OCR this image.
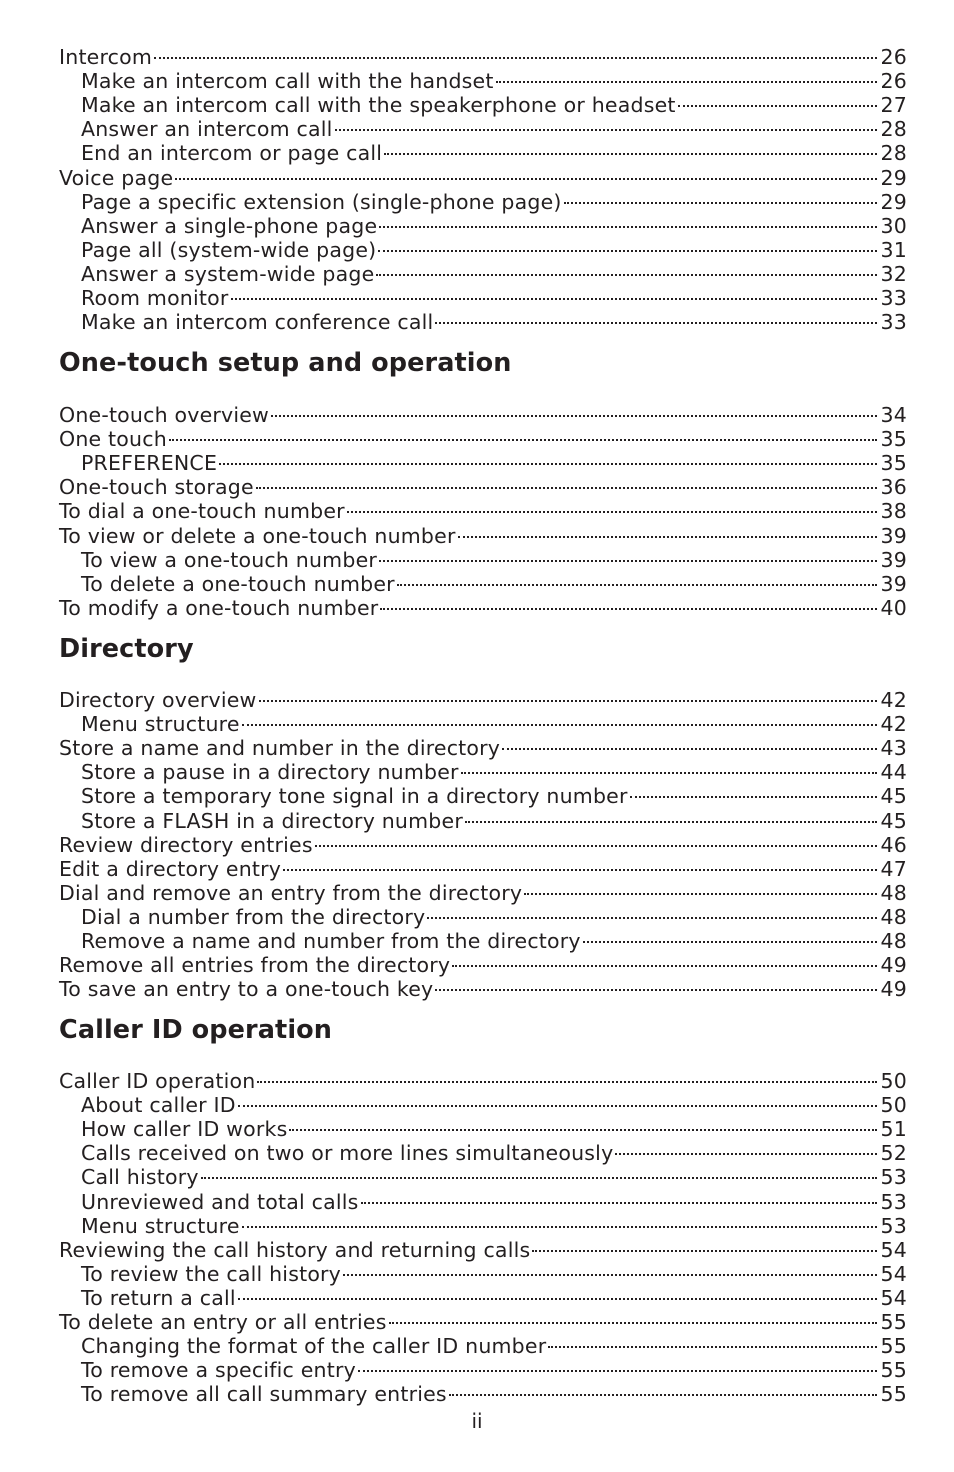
Intercom	26
Make an intercom call with the handset	26
Make an intercom call with the speakerphone or headset	27
Answer an intercom call	28
End an intercom or page call	28
Voice page	29
Page a specific extension (single-phone page)	29
Answer a single-phone page	30
Page all (system-wide page)	31
Answer a system-wide page	32
Room monitor	33
Make an intercom conference call	33
One-touch setup and operation
One-touch overview	34
One touch	35
PREFERENCE	35
One-touch storage	36
To dial a one-touch number	38
To view or delete a one-touch number	39
To view a one-touch number	39
To delete a one-touch number	39
To modify a one-touch number	40
Directory
Directory overview	42
Menu structure	42
Store a name and number in the directory	43
Store a pause in a directory number	44
Store a temporary tone signal in a directory number	45
Store a FLASH in a directory number	45
Review directory entries	46
Edit a directory entry	47
Dial and remove an entry from the directory	48
Dial a number from the directory	48
Remove a name and number from the directory	48
Remove all entries from the directory	49
To save an entry to a one-touch key	49
Caller ID operation
Caller ID operation	50
About caller ID	50
How caller ID works	51
Calls received on two or more lines simultaneously	52
Call history	53
Unreviewed and total calls	53
Menu structure	53
Reviewing the call history and returning calls	54
To review the call history	54
To return a call	54
To delete an entry or all entries	55
Changing the format of the caller ID number	55
To remove a specific entry	55
To remove all call summary entries	55
ii
